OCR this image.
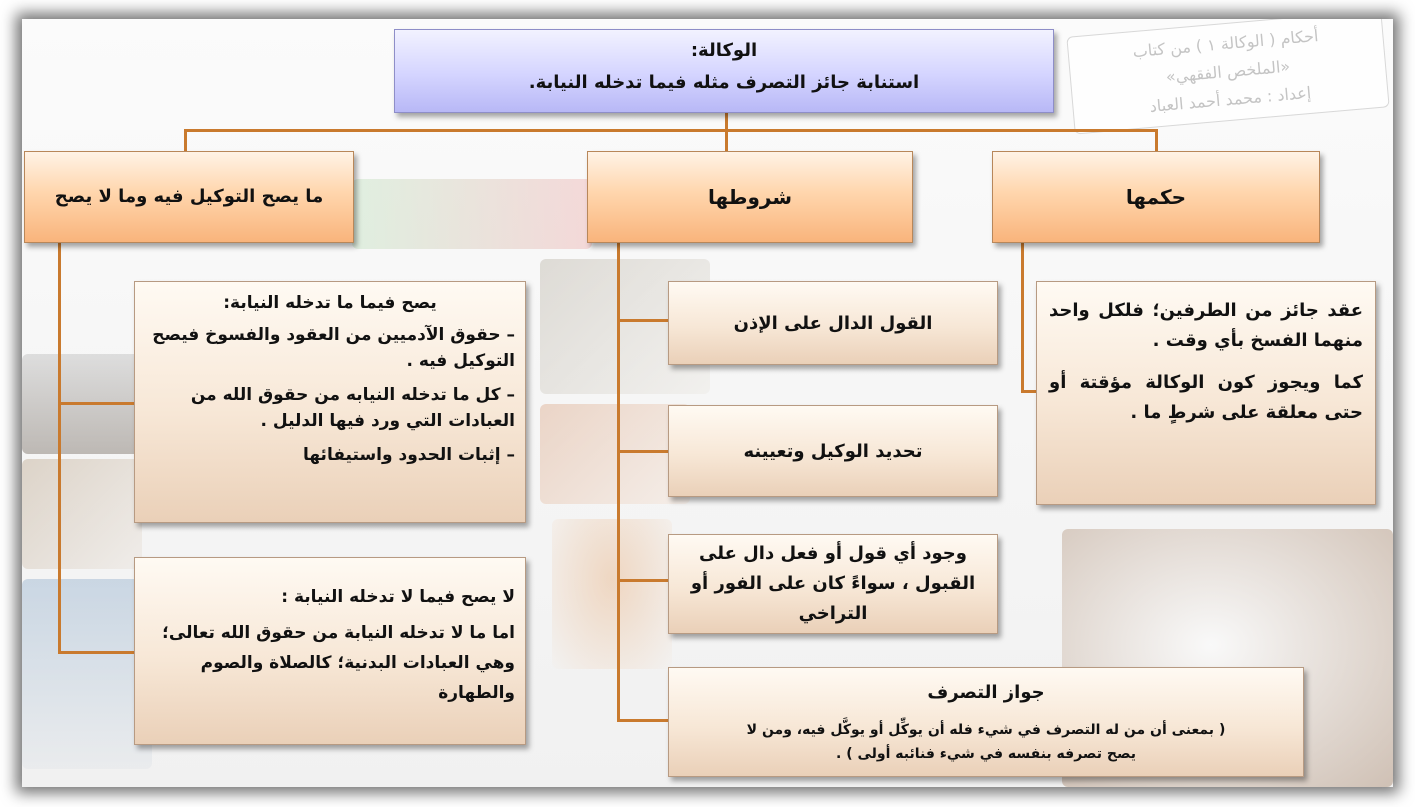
أحكام ( الوكالة ١ ) من كتاب
«الملخص الفقهي»
إعداد : محمد أحمد العباد
الوكالة:
استنابة جائز التصرف مثله فيما تدخله النيابة.
حكمها
شروطها
ما يصح التوكيل فيه وما لا يصح

عقد جائز من الطرفين؛ فلكل واحد منهما الفسخ بأي وقت .

كما ويجوز كون الوكالة مؤقتة أو حتى معلقة على شرطٍ ما .

القول الدال على الإذن
تحديد الوكيل وتعيينه
وجود أي قول أو فعل دال على القبول ، سواءً كان على الفور أو التراخي
جواز التصرف
( بمعنى أن من له التصرف في شيء فله أن يوكِّل أو يوكَّل فيه، ومن لا يصح تصرفه بنفسه في شيء فنائبه أولى ) .

يصح فيما ما تدخله النيابة:

– حقوق الآدميين من العقود والفسوخ فيصح التوكيل فيه .

– كل ما تدخله النيابه من حقوق الله من العبادات التي ورد فيها الدليل .

– إثبات الحدود واستيفائها

لا يصح فيما لا تدخله النيابة :

اما ما لا تدخله النيابة من حقوق الله تعالى؛ وهي العبادات البدنية؛ كالصلاة والصوم والطهارة
